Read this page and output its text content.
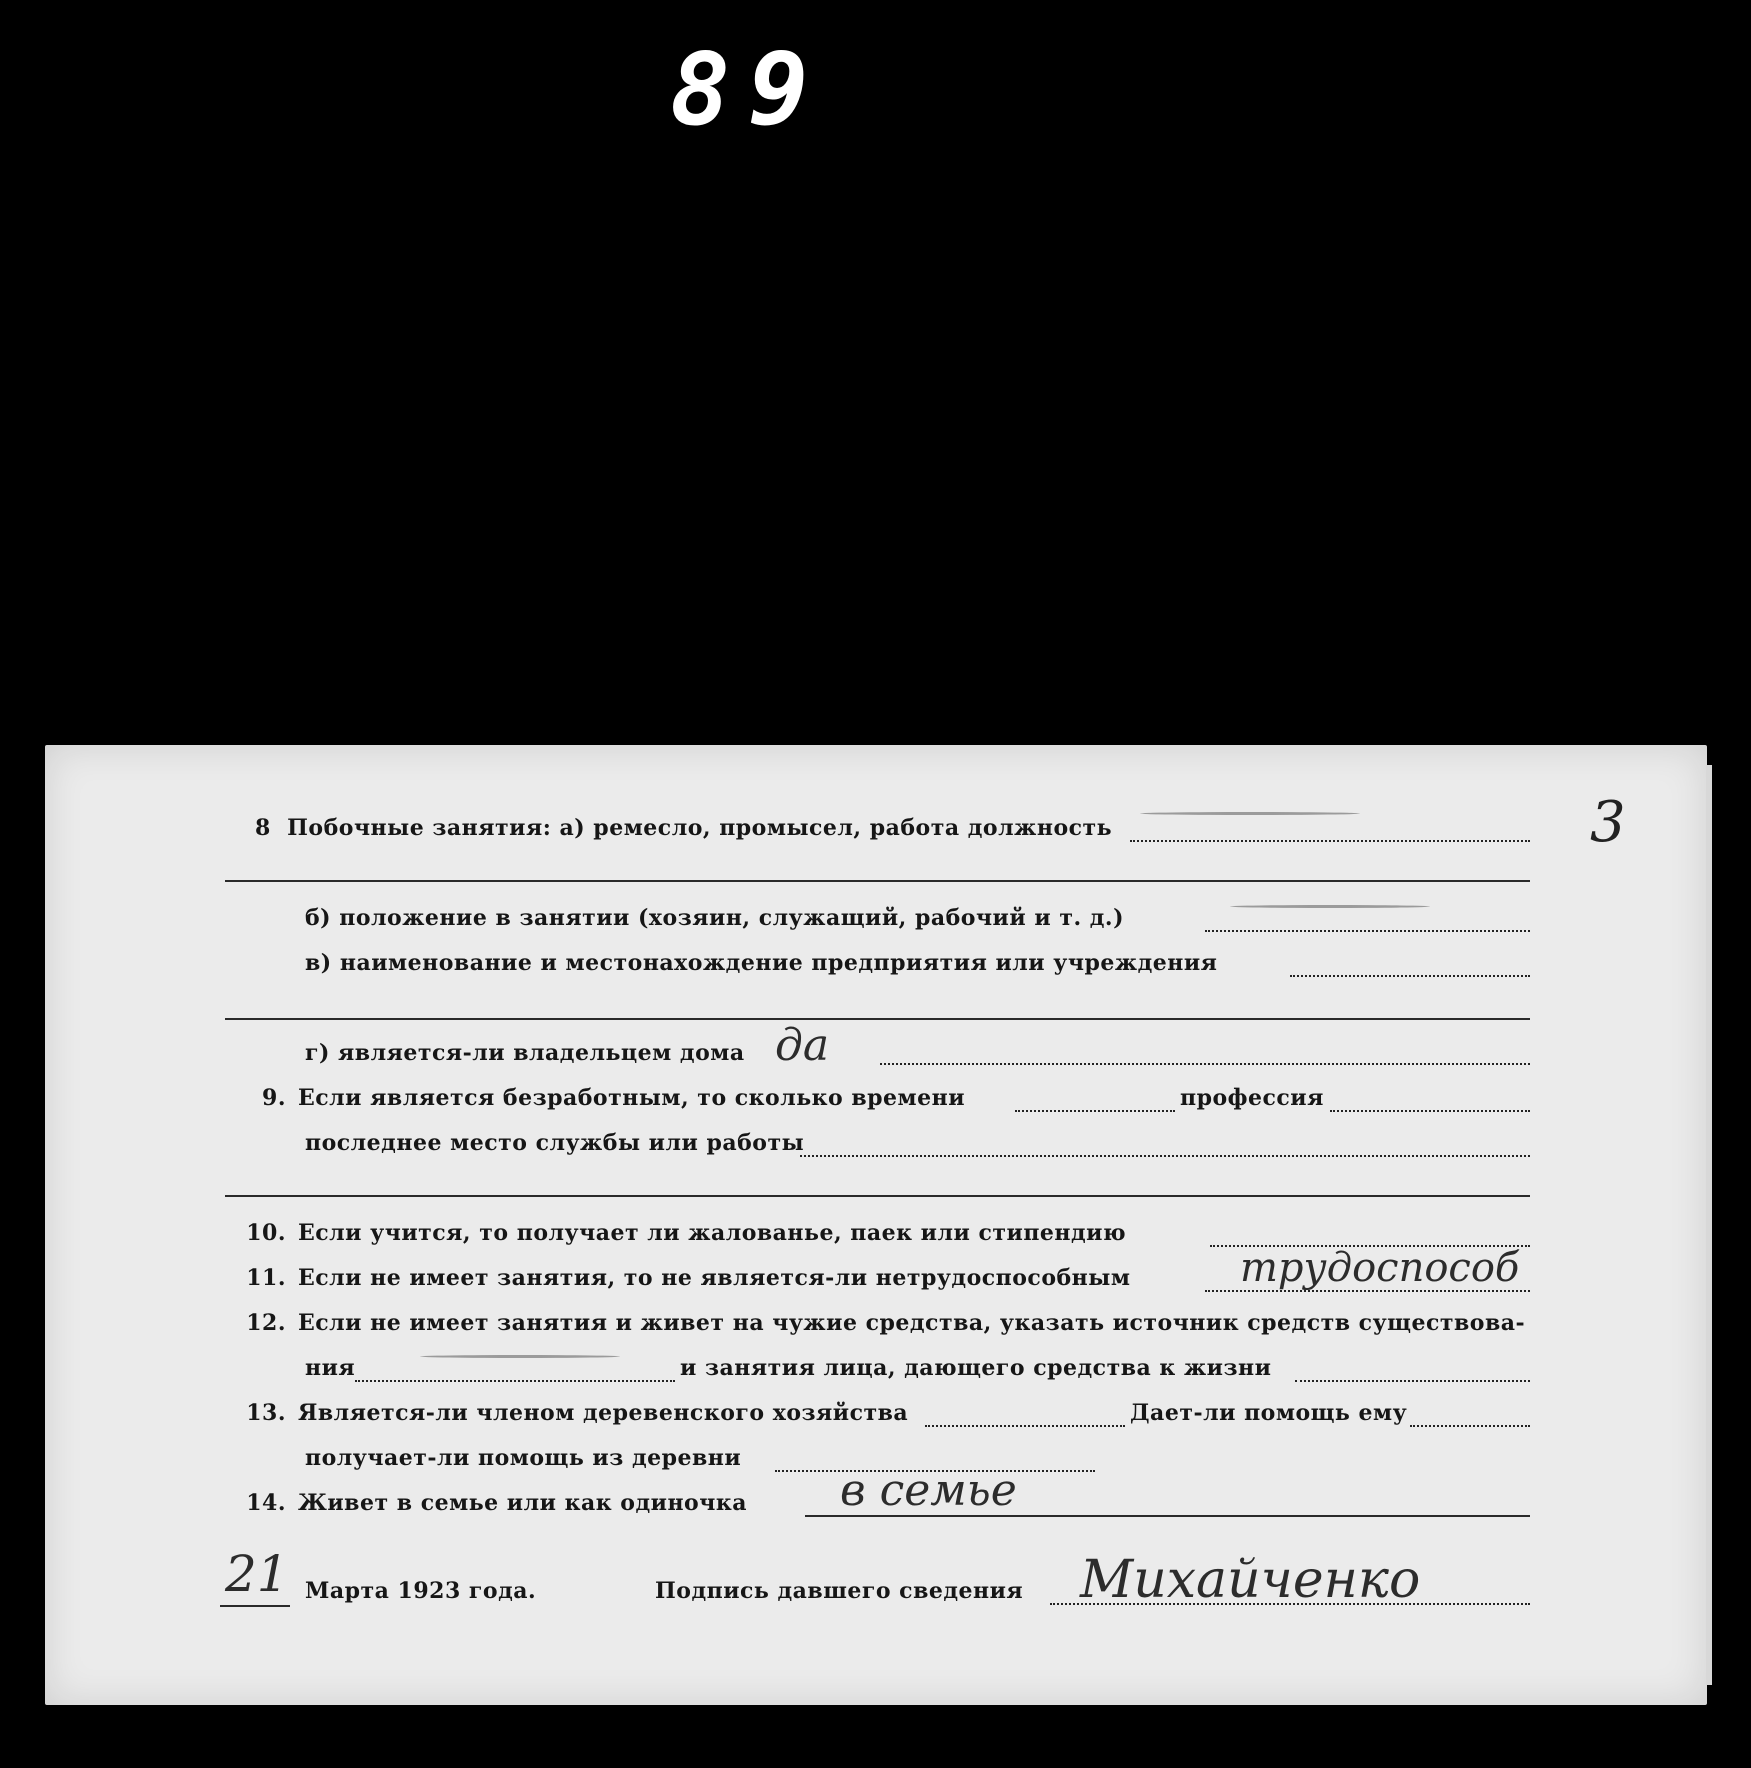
89
3
8 Побочные занятия: а) ремесло, промысел, работа должность
б) положение в занятии (хозяин, служащий, рабочий и т. д.)
в) наименование и местонахождение предприятия или учреждения
г) является-ли владельцем дома да
9. Если является безработным, то сколько времени	профессия
последнее место службы или работы
10. Если учится, то получает ли жалованье, паек или стипендию
11. Если не имеет занятия, то не является-ли нетрудоспособным	трудоспособ
12. Если не имеет занятия и живет на чужие средства, указать источник средств существова-
ния	и занятия лица, дающего средства к жизни
13. Является-ли членом деревенского хозяйства	Дает-ли помощь ему
получает-ли помощь из деревни
14. Живет в семье или как одиночка в семье
21 Марта 1923 года.	Подпись давшего сведения Михайченко
